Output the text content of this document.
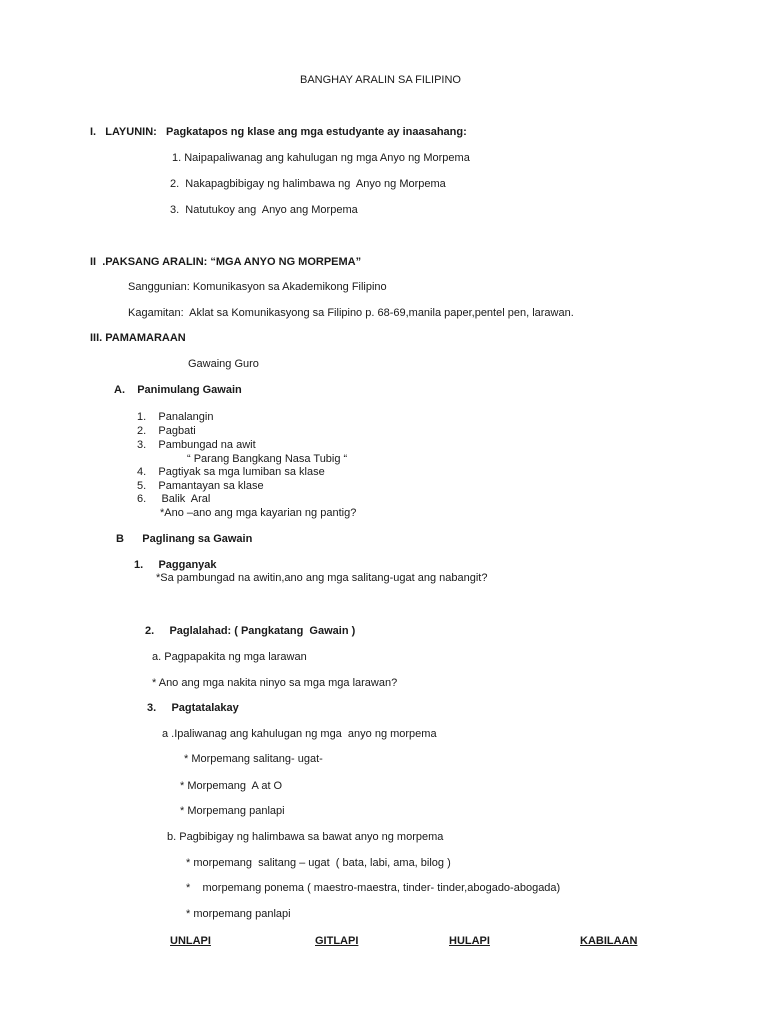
BANGHAY ARALIN SA FILIPINO
I.   LAYUNIN:   Pagkatapos ng klase ang mga estudyante ay inaasahang:
1. Naipapaliwanag ang kahulugan ng mga Anyo ng Morpema
2.  Nakapagbibigay ng halimbawa ng  Anyo ng Morpema
3.  Natutukoy ang  Anyo ang Morpema
II  .PAKSANG ARALIN: “MGA ANYO NG MORPEMA”
Sanggunian: Komunikasyon sa Akademikong Filipino
Kagamitan:  Aklat sa Komunikasyong sa Filipino p. 68-69,manila paper,pentel pen, larawan.
III. PAMAMARAAN
Gawaing Guro
A.    Panimulang Gawain
1.    Panalangin
2.    Pagbati
3.    Pambungad na awit
“ Parang Bangkang Nasa Tubig “
4.    Pagtiyak sa mga lumiban sa klase
5.    Pamantayan sa klase
6.     Balik  Aral
*Ano –ano ang mga kayarian ng pantig?
B      Paglinang sa Gawain
1.     Pagganyak
*Sa pambungad na awitin,ano ang mga salitang-ugat ang nabangit?
2.     Paglalahad: ( Pangkatang  Gawain )
a. Pagpapakita ng mga larawan
* Ano ang mga nakita ninyo sa mga mga larawan?
3.     Pagtatalakay
a .Ipaliwanag ang kahulugan ng mga  anyo ng morpema
* Morpemang salitang- ugat-
* Morpemang  A at O
* Morpemang panlapi
b. Pagbibigay ng halimbawa sa bawat anyo ng morpema
* morpemang  salitang – ugat  ( bata, labi, ama, bilog )
*    morpemang ponema ( maestro-maestra, tinder- tinder,abogado-abogada)
* morpemang panlapi
UNLAPI	GITLAPI	HULAPI	KABILAAN
